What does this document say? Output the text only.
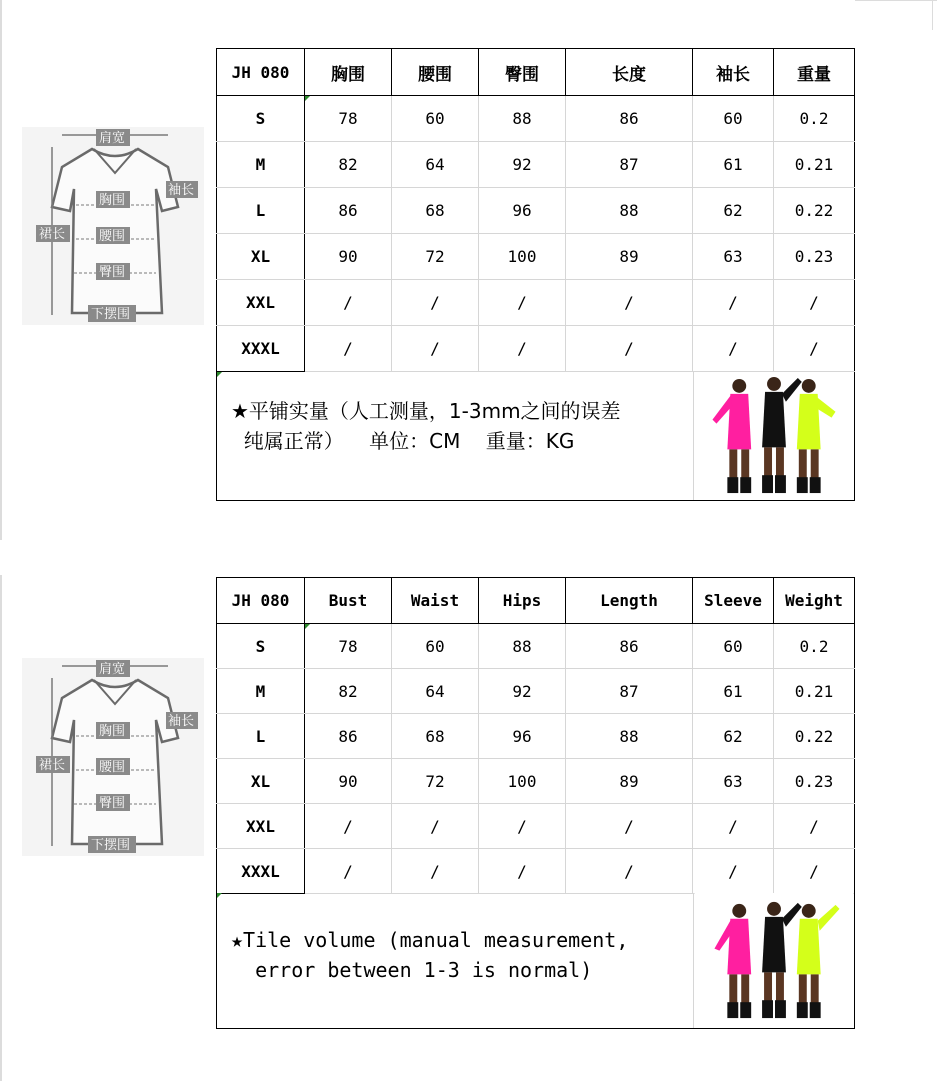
肩宽
袖长
胸围
裙长	腰围
臀围
下摆围
JH 080	胸围	腰围	臀围	长度	袖长	重量
S	78	60	88	86	60	0.2
M	82	64	92	87	61	0.21
L	86	68	96	88	62	0.22
XL	90	72	100	89	63	0.23
XXL	/	/	/	/	/	/
XXXL	/	/	/	/	/	/
★平铺实量（人工测量，1-3mm之间的误差
纯属正常）    单位：CM    重量：KG
肩宽
袖长
胸围
裙长	腰围
臀围
下摆围
JH 080	Bust	Waist	Hips	Length	Sleeve	Weight
S	78	60	88	86	60	0.2
M	82	64	92	87	61	0.21
L	86	68	96	88	62	0.22
XL	90	72	100	89	63	0.23
XXL	/	/	/	/	/	/
XXXL	/	/	/	/	/	/
★Tile volume (manual measurement,
error between 1-3 is normal)
